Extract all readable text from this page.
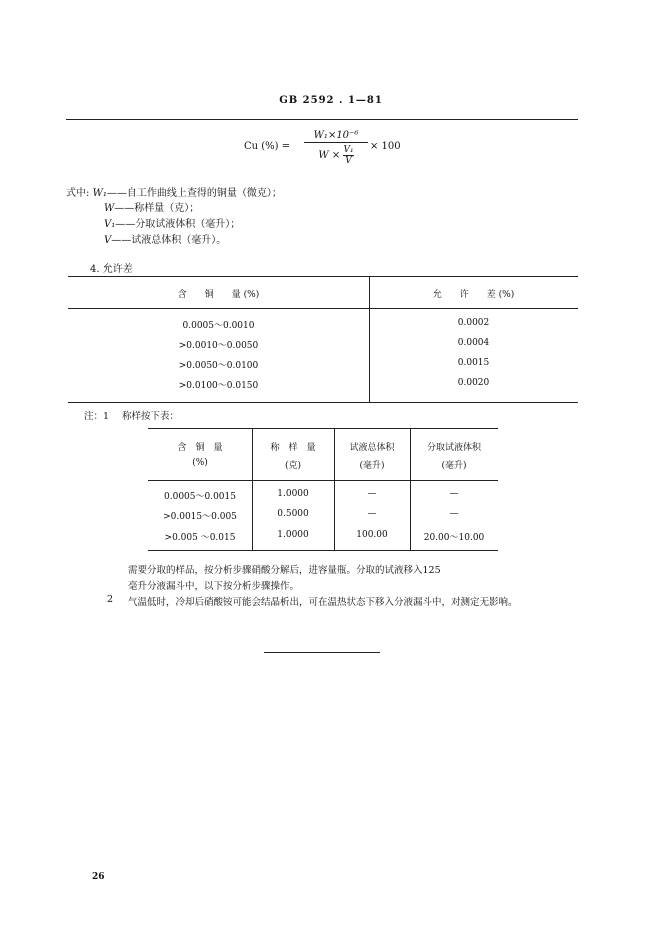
GB 2592 . 1—81
Cu (%) = $\frac{\text{W₁×10⁻⁶}}{W \times \frac{\text{V₁}}{V}} \times 100$
式中: W₁——自工作曲线上查得的铜量（微克）；
W——称样量（克）；
V₁——分取试液体积（毫升）；
V——试液总体积（毫升）。
4. 允许差
含　　铜　　量 (%)	允　　许　　差 (%)
0.0005～0.0010	0.0002
>0.0010～0.0050	0.0004
>0.0050～0.0100	0.0015
>0.0100～0.0150	0.0020
注：1 称样按下表：
含　铜　量
(%)
称　样　量
(克)
试液总体积
(毫升)
分取试液体积
(毫升)
0.0005～0.0015	1.0000	—	—
>0.0015～0.005	0.5000	—	—
>0.005 ～0.015	1.0000	100.00	20.00～10.00
需要分取的样品，按分析步骤硝酸分解后，进容量瓶。分取的试液移入125
毫升分液漏斗中，以下按分析步骤操作。
2 气温低时，冷却后硝酸铵可能会结晶析出，可在温热状态下移入分液漏斗中，对测定无影响。
26
